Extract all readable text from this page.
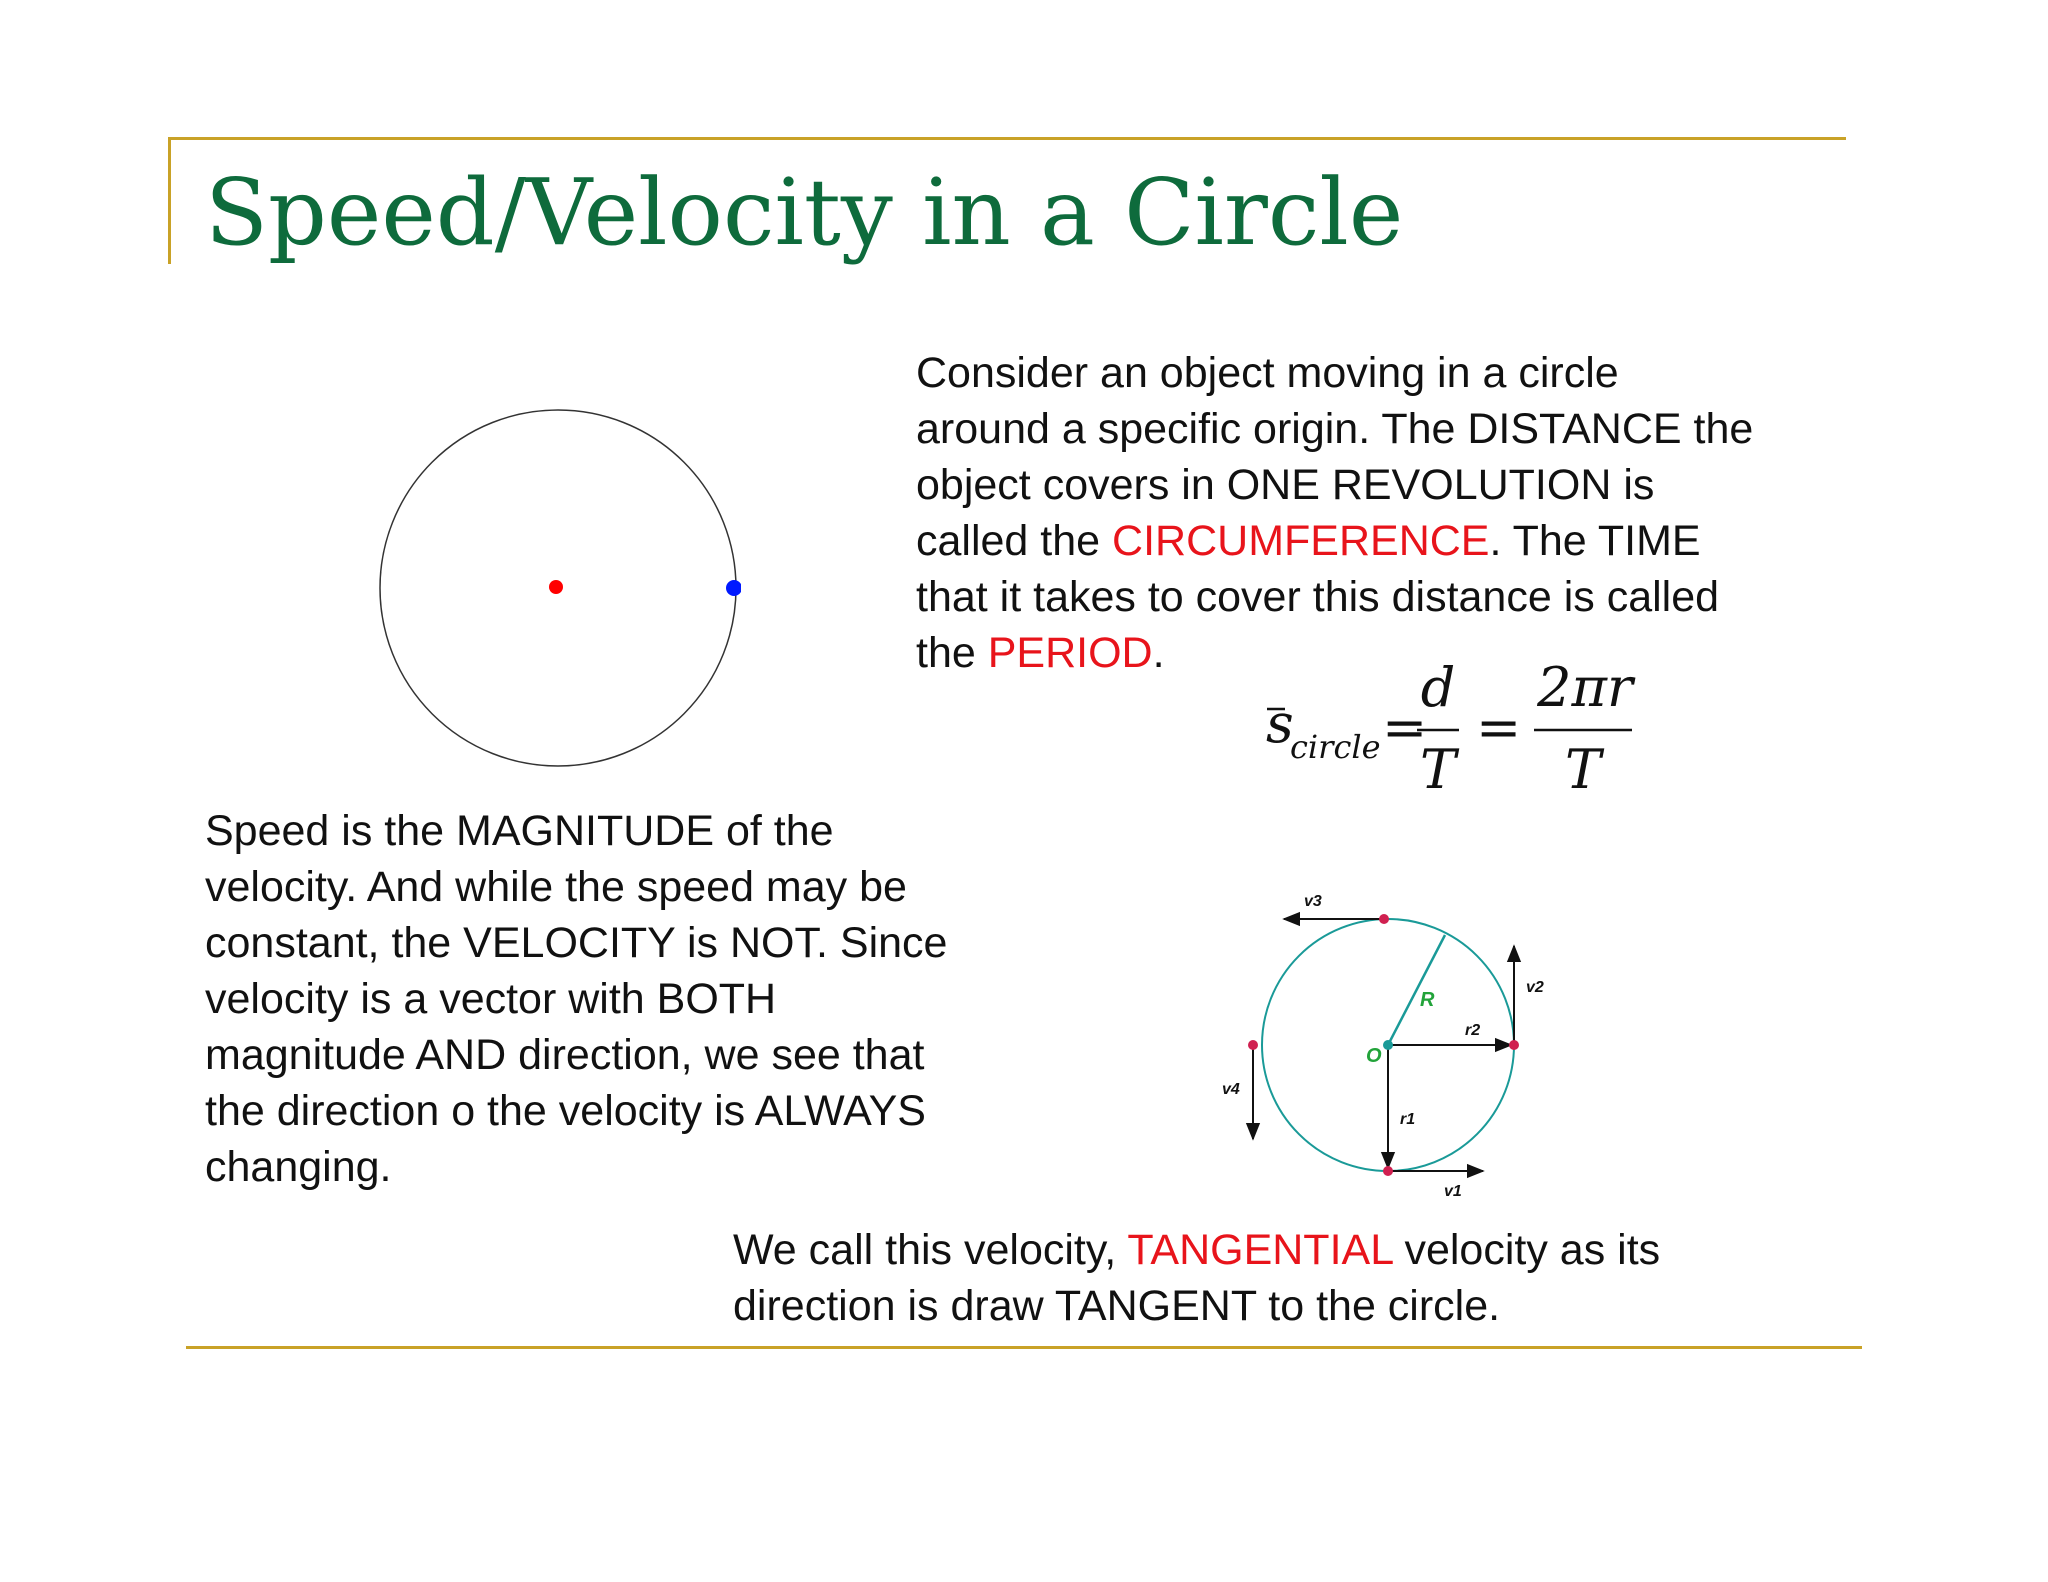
Speed/Velocity in a Circle
Consider an object moving in a circle
around a specific origin. The DISTANCE the
object covers in ONE REVOLUTION is
called the CIRCUMFERENCE. The TIME
that it takes to cover this distance is called
the PERIOD.
s
circle =
d
T
=
2πr
T
Speed is the MAGNITUDE of the
velocity. And while the speed may be
constant, the VELOCITY is NOT. Since
velocity is a vector with BOTH
magnitude AND direction, we see that
the direction o the velocity is ALWAYS
changing.
O
R
r2
r1
v1
v2
v3
v4
We call this velocity, TANGENTIAL velocity as its
direction is draw TANGENT to the circle.
